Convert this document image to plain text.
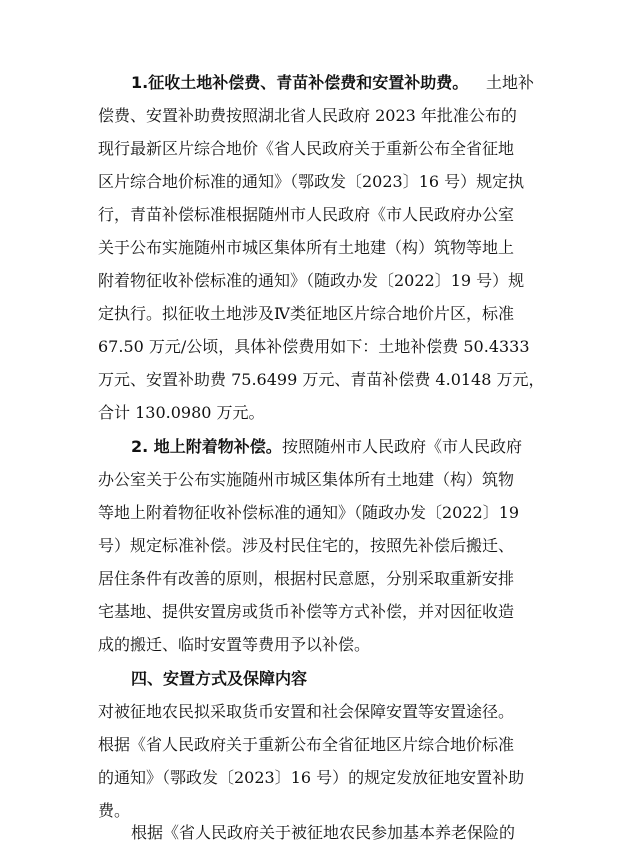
1.征收土地补偿费、青苗补偿费和安置补助费。 土地补
偿费、安置补助费按照湖北省人民政府 2023 年批准公布的
现行最新区片综合地价《省人民政府关于重新公布全省征地
区片综合地价标准的通知》（鄂政发〔2023〕16 号）规定执
行，青苗补偿标准根据随州市人民政府《市人民政府办公室
关于公布实施随州市城区集体所有土地建（构）筑物等地上
附着物征收补偿标准的通知》（随政办发〔2022〕19 号）规
定执行。拟征收土地涉及Ⅳ类征地区片综合地价片区，标准
67.50 万元/公顷，具体补偿费用如下：土地补偿费 50.4333
万元、安置补助费 75.6499 万元、青苗补偿费 4.0148 万元，
合计 130.0980 万元。
2. 地上附着物补偿。 按照随州市人民政府《市人民政府
办公室关于公布实施随州市城区集体所有土地建（构）筑物
等地上附着物征收补偿标准的通知》（随政办发〔2022〕19
号）规定标准补偿。涉及村民住宅的，按照先补偿后搬迁、
居住条件有改善的原则，根据村民意愿，分别采取重新安排
宅基地、提供安置房或货币补偿等方式补偿，并对因征收造
成的搬迁、临时安置等费用予以补偿。
四、安置方式及保障内容
对被征地农民拟采取货币安置和社会保障安置等安置途径。
根据《省人民政府关于重新公布全省征地区片综合地价标准
的通知》（鄂政发〔2023〕16 号）的规定发放征地安置补助
费。
根据《省人民政府关于被征地农民参加基本养老保险的
